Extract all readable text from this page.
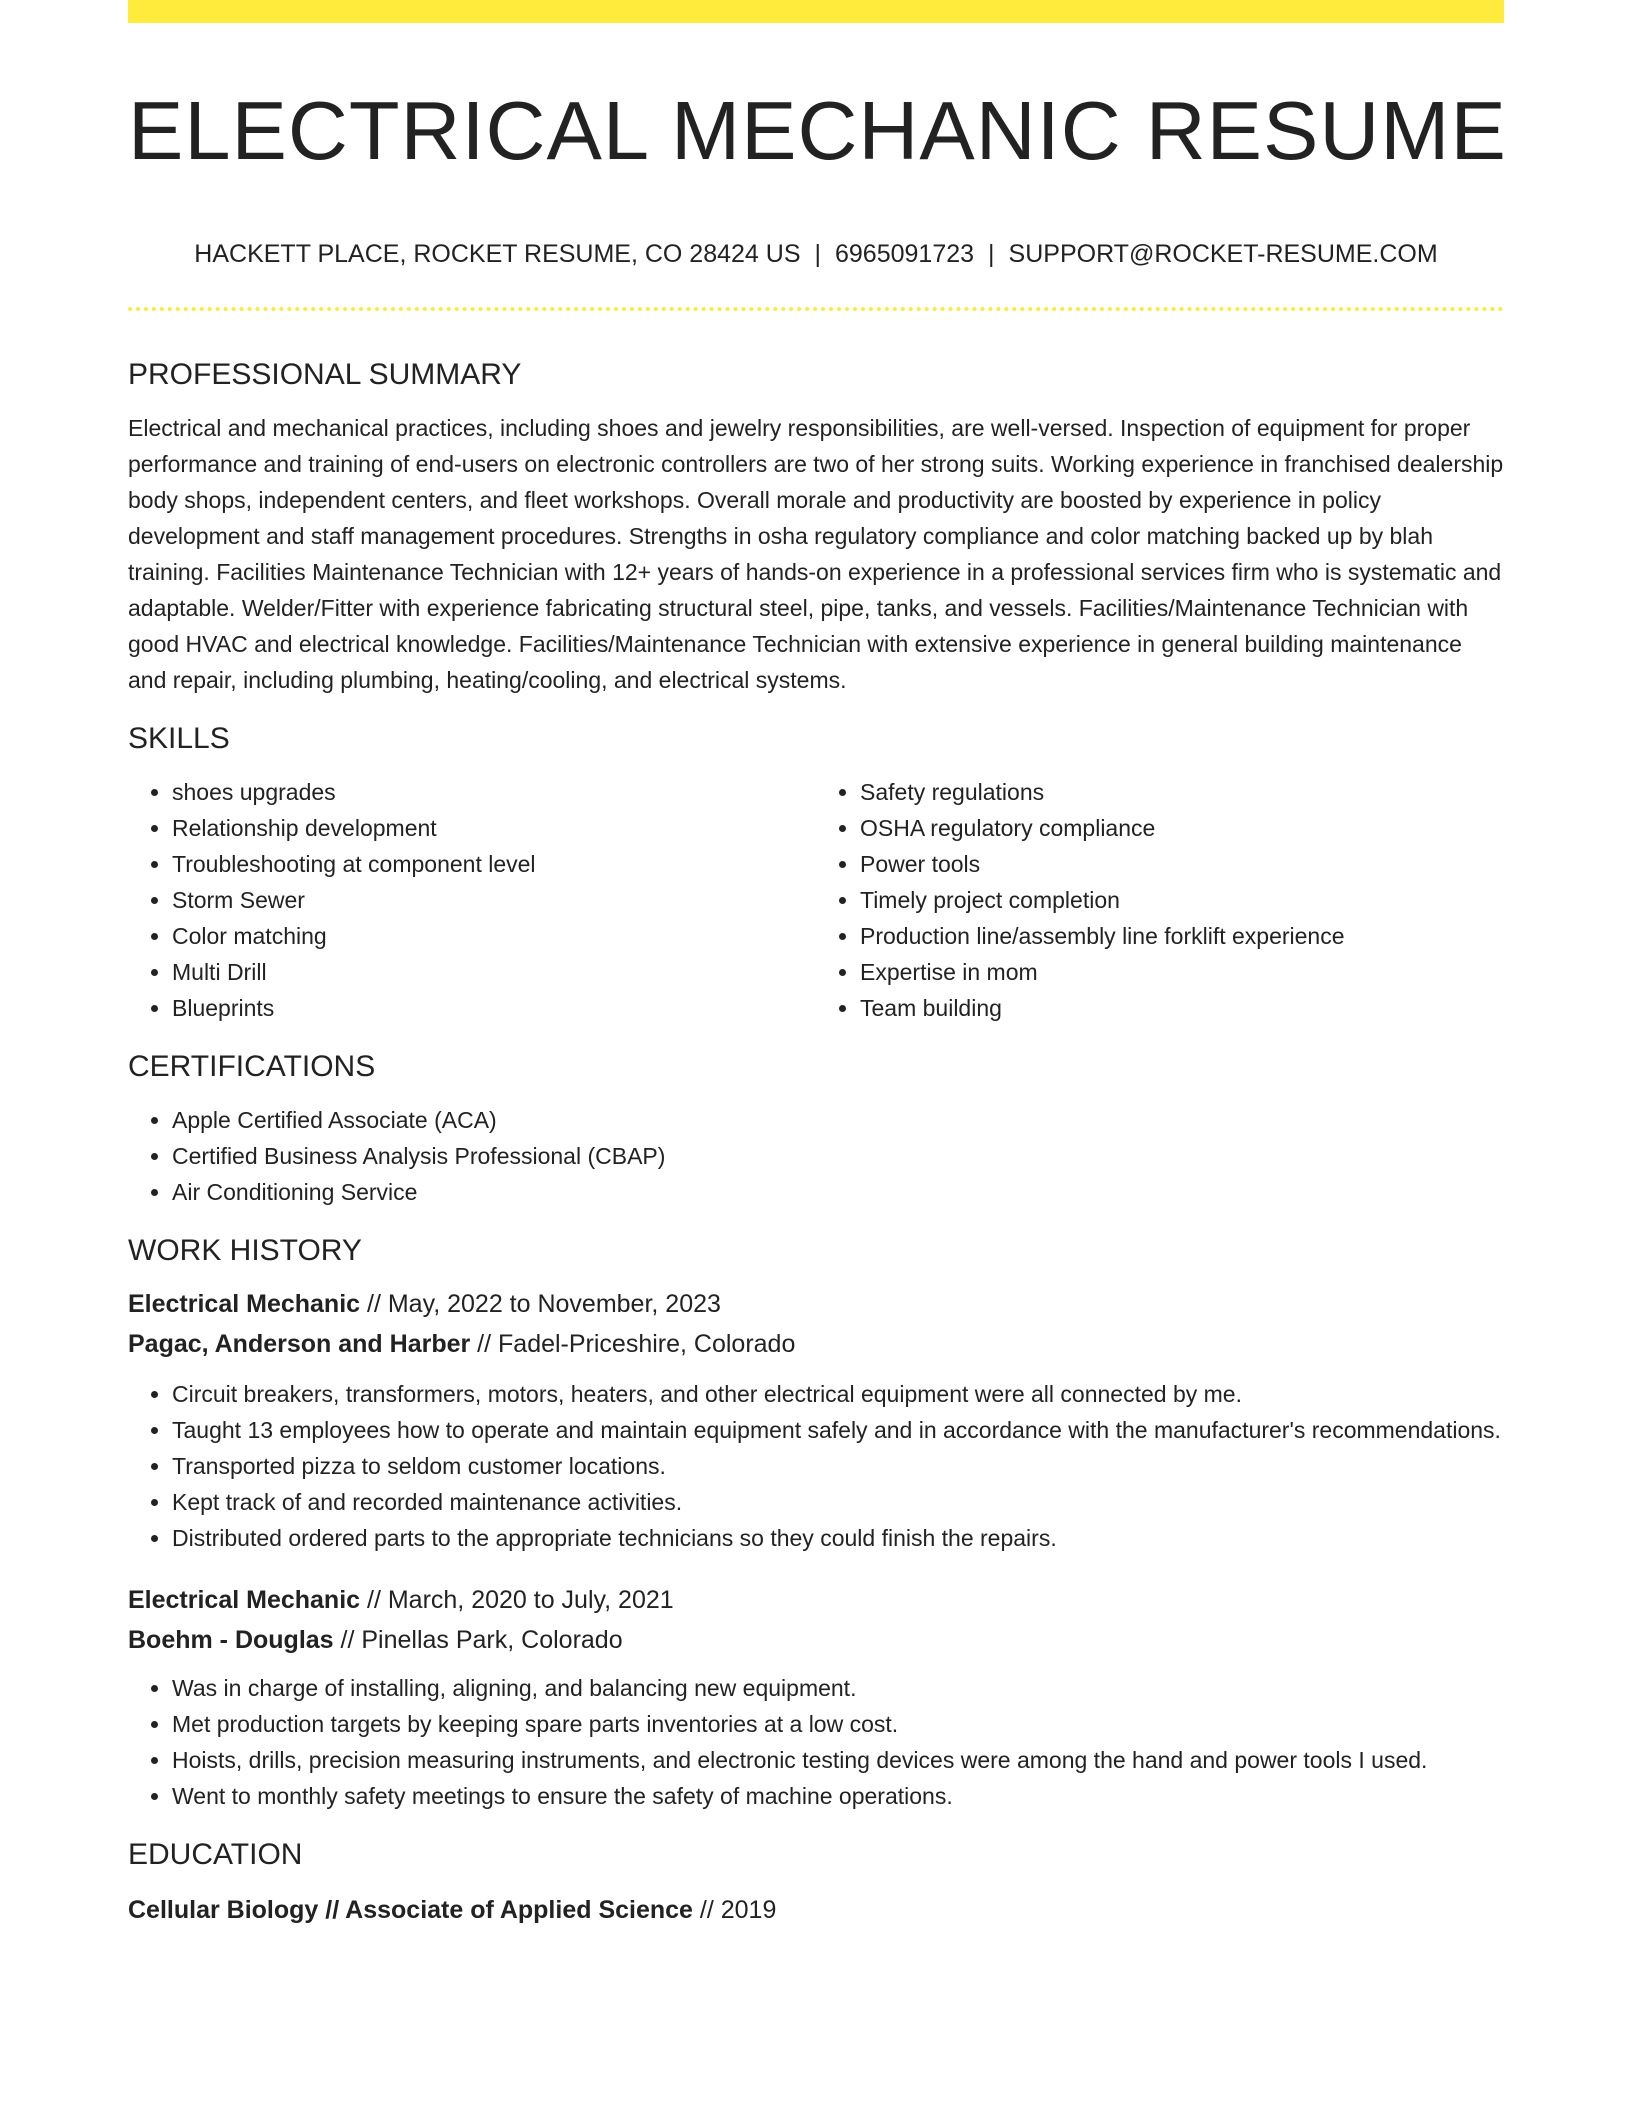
ELECTRICAL MECHANIC RESUME
HACKETT PLACE, ROCKET RESUME, CO 28424 US | 6965091723 | SUPPORT@ROCKET-RESUME.COM
PROFESSIONAL SUMMARY

Electrical and mechanical practices, including shoes and jewelry responsibilities, are well-versed. Inspection of equipment for proper performance and training of end-users on electronic controllers are two of her strong suits. Working experience in franchised dealership body shops, independent centers, and fleet workshops. Overall morale and productivity are boosted by experience in policy development and staff management procedures. Strengths in osha regulatory compliance and color matching backed up by blah training. Facilities Maintenance Technician with 12+ years of hands-on experience in a professional services firm who is systematic and adaptable. Welder/Fitter with experience fabricating structural steel, pipe, tanks, and vessels. Facilities/Maintenance Technician with good HVAC and electrical knowledge. Facilities/Maintenance Technician with extensive experience in general building maintenance and repair, including plumbing, heating/cooling, and electrical systems.

SKILLS
• shoes upgrades
• Relationship development
• Troubleshooting at component level
• Storm Sewer
• Color matching
• Multi Drill
• Blueprints
• Safety regulations
• OSHA regulatory compliance
• Power tools
• Timely project completion
• Production line/assembly line forklift experience
• Expertise in mom
• Team building
CERTIFICATIONS
• Apple Certified Associate (ACA)
• Certified Business Analysis Professional (CBAP)
• Air Conditioning Service
WORK HISTORY
Electrical Mechanic // May, 2022 to November, 2023
Pagac, Anderson and Harber // Fadel-Priceshire, Colorado
• Circuit breakers, transformers, motors, heaters, and other electrical equipment were all connected by me.
• Taught 13 employees how to operate and maintain equipment safely and in accordance with the manufacturer's recommendations.
• Transported pizza to seldom customer locations.
• Kept track of and recorded maintenance activities.
• Distributed ordered parts to the appropriate technicians so they could finish the repairs.
Electrical Mechanic // March, 2020 to July, 2021
Boehm - Douglas // Pinellas Park, Colorado
• Was in charge of installing, aligning, and balancing new equipment.
• Met production targets by keeping spare parts inventories at a low cost.
• Hoists, drills, precision measuring instruments, and electronic testing devices were among the hand and power tools I used.
• Went to monthly safety meetings to ensure the safety of machine operations.
EDUCATION
Cellular Biology // Associate of Applied Science // 2019
